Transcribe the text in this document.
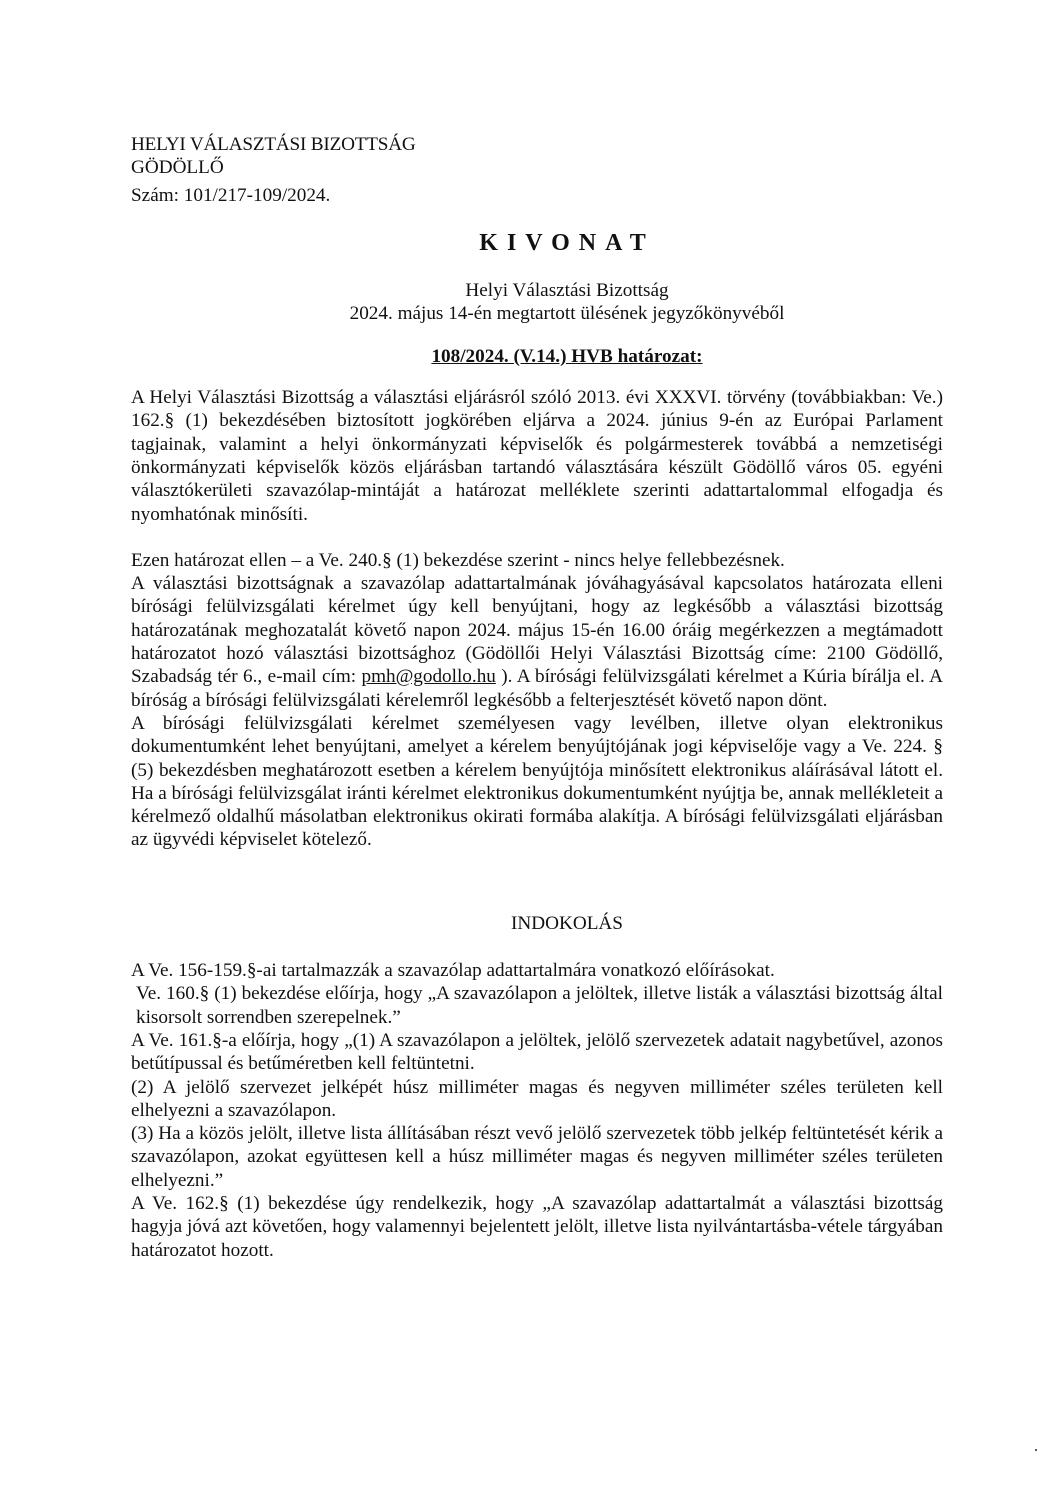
HELYI VÁLASZTÁSI BIZOTTSÁG
GÖDÖLLŐ
Szám: 101/217-109/2024.
KIVONAT
Helyi Választási Bizottság
2024. május 14-én megtartott ülésének jegyzőkönyvéből
108/2024. (V.14.) HVB határozat:

A Helyi Választási Bizottság a választási eljárásról szóló 2013. évi XXXVI. törvény (továbbiakban: Ve.) 162.§ (1) bekezdésében biztosított jogkörében eljárva a 2024. június 9-én az Európai Parlament tagjainak, valamint a helyi önkormányzati képviselők és polgármesterek továbbá a nemzetiségi önkormányzati képviselők közös eljárásban tartandó választására készült Gödöllő város 05. egyéni választókerületi szavazólap-mintáját a határozat melléklete szerinti adattartalommal elfogadja és nyomhatónak minősíti.

Ezen határozat ellen – a Ve. 240.§ (1) bekezdése szerint - nincs helye fellebbezésnek.

A választási bizottságnak a szavazólap adattartalmának jóváhagyásával kapcsolatos határozata elleni bírósági felülvizsgálati kérelmet úgy kell benyújtani, hogy az legkésőbb a választási bizottság határozatának meghozatalát követő napon 2024. május 15-én 16.00 óráig megérkezzen a megtámadott határozatot hozó választási bizottsághoz (Gödöllői Helyi Választási Bizottság címe: 2100 Gödöllő, Szabadság tér 6., e-mail cím: pmh@godollo.hu ). A bírósági felülvizsgálati kérelmet a Kúria bírálja el. A bíróság a bírósági felülvizsgálati kérelemről legkésőbb a felterjesztését követő napon dönt.

A bírósági felülvizsgálati kérelmet személyesen vagy levélben, illetve olyan elektronikus dokumentumként lehet benyújtani, amelyet a kérelem benyújtójának jogi képviselője vagy a Ve. 224. § (5) bekezdésben meghatározott esetben a kérelem benyújtója minősített elektronikus aláírásával látott el. Ha a bírósági felülvizsgálat iránti kérelmet elektronikus dokumentumként nyújtja be, annak mellékleteit a kérelmező oldalhű másolatban elektronikus okirati formába alakítja. A bírósági felülvizsgálati eljárásban az ügyvédi képviselet kötelező.

INDOKOLÁS

A Ve. 156-159.§-ai tartalmazzák a szavazólap adattartalmára vonatkozó előírásokat.

Ve. 160.§ (1) bekezdése előírja, hogy „A szavazólapon a jelöltek, illetve listák a választási bizottság által kisorsolt sorrendben szerepelnek.”

A Ve. 161.§-a előírja, hogy „(1) A szavazólapon a jelöltek, jelölő szervezetek adatait nagybetűvel, azonos betűtípussal és betűméretben kell feltüntetni.

(2) A jelölő szervezet jelképét húsz milliméter magas és negyven milliméter széles területen kell elhelyezni a szavazólapon.

(3) Ha a közös jelölt, illetve lista állításában részt vevő jelölő szervezetek több jelkép feltüntetését kérik a szavazólapon, azokat együttesen kell a húsz milliméter magas és negyven milliméter széles területen elhelyezni.”

A Ve. 162.§ (1) bekezdése úgy rendelkezik, hogy „A szavazólap adattartalmát a választási bizottság hagyja jóvá azt követően, hogy valamennyi bejelentett jelölt, illetve lista nyilvántartásba-vétele tárgyában határozatot hozott.
